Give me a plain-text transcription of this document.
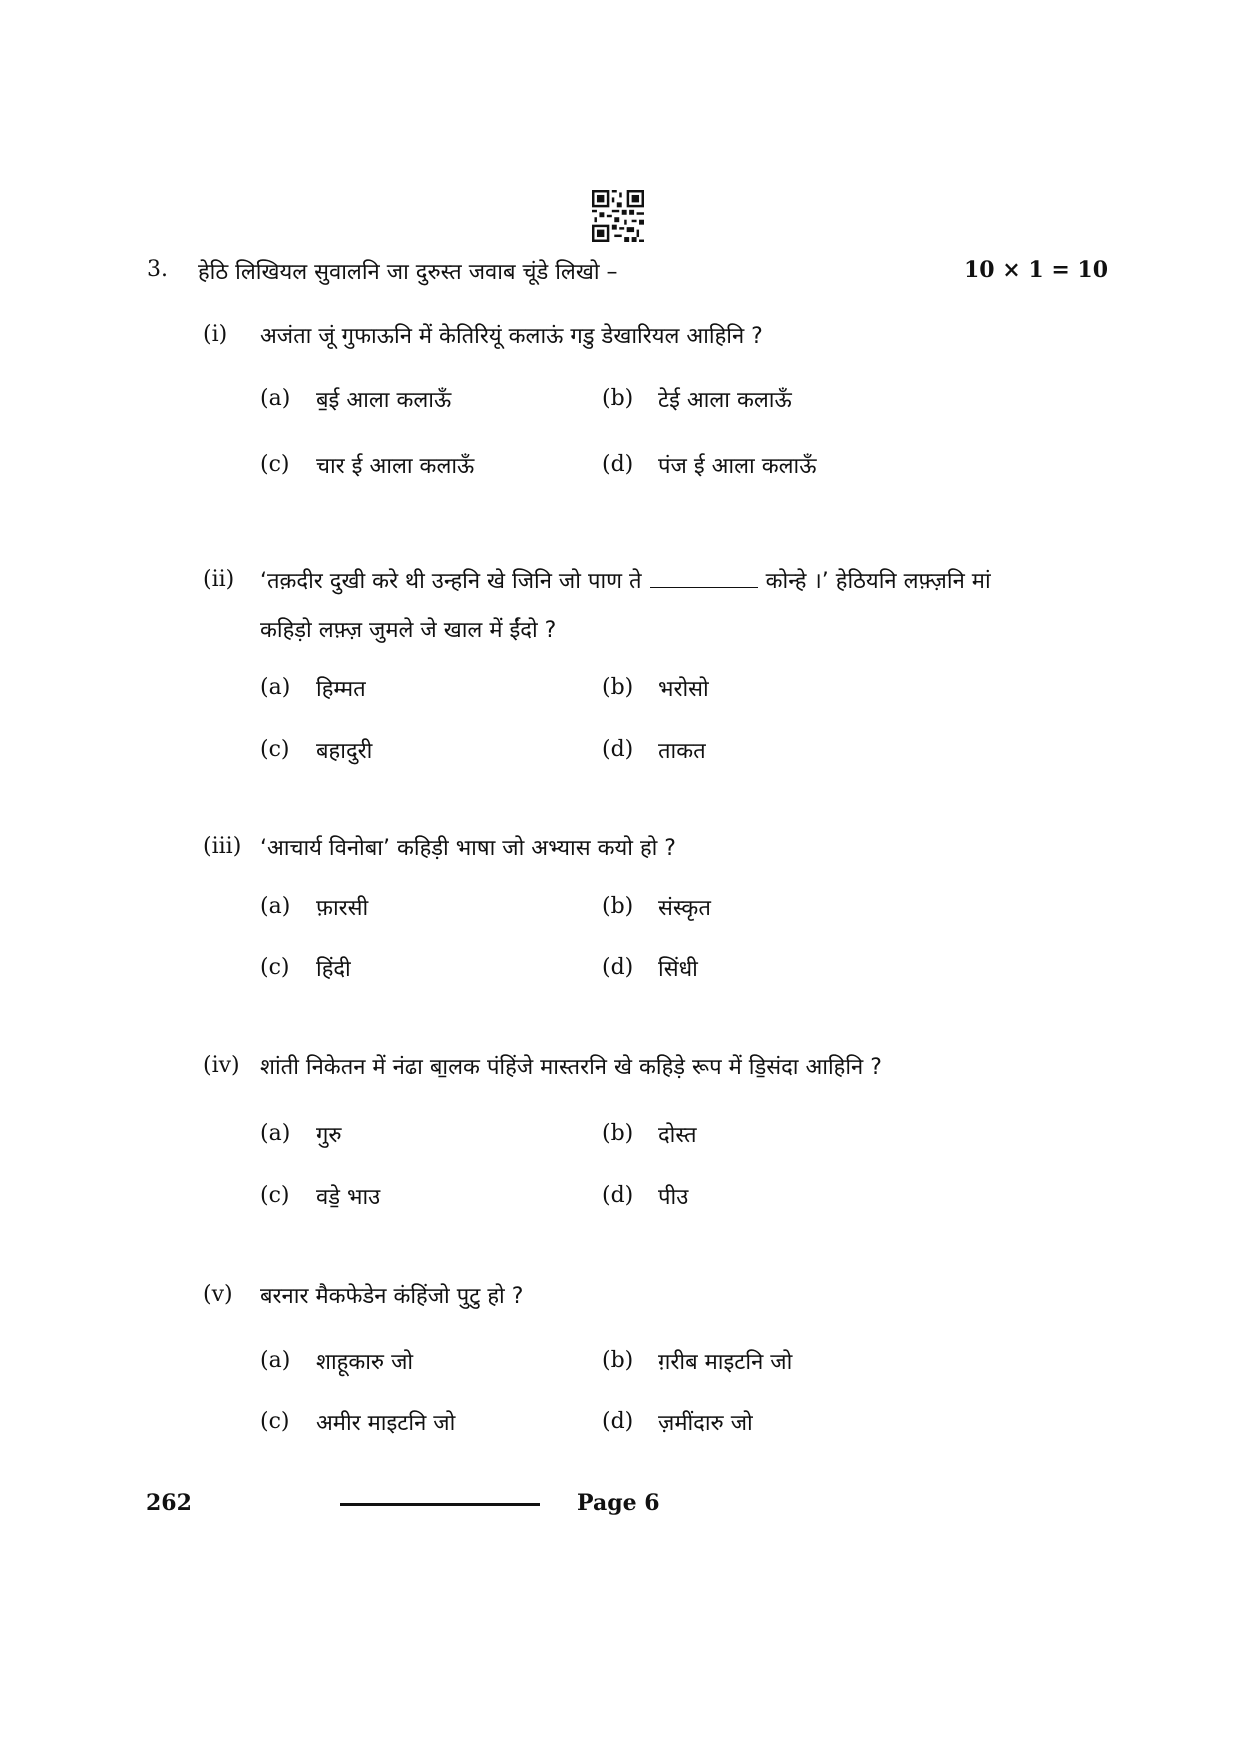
3. हेठि लिखियल सुवालनि जा दुरुस्त जवाब चूंडे लिखो –	10 × 1 = 10
(i) अजंता जूं गुफाऊनि में केतिरियूं कलाऊं गडु डेखारियल आहिनि ?
(a) ब॒ई आला कलाऊँ	(b) टेई आला कलाऊँ
(c) चार ई आला कलाऊँ	(d) पंज ई आला कलाऊँ
(ii) ‘तक़दीर दुखी करे थी उन्हनि खे जिनि जो पाण ते	कोन्हे ।’ हेठियनि लफ़्ज़नि मां
कहिड़ो लफ़्ज़ जुमले जे खाल में ईंदो ?
(a) हिम्मत	(b) भरोसो
(c) बहादुरी	(d) ताकत
(iii) ‘आचार्य विनोबा’ कहिड़ी भाषा जो अभ्यास कयो हो ?
(a) फ़ारसी	(b) संस्कृत
(c) हिंदी	(d) सिंधी
(iv) शांती निकेतन में नंढा बा॒लक पंहिंजे मास्तरनि खे कहिड़े रूप में डि॒संदा आहिनि ?
(a) गुरु	(b) दोस्त
(c) वडे॒ भाउ	(d) पीउ
(v) बरनार मैकफेडेन कंहिंजो पुटु हो ?
(a) शाहूकारु जो	(b) ग़रीब माइटनि जो
(c) अमीर माइटनि जो	(d) ज़मींदारु जो
262	Page 6
